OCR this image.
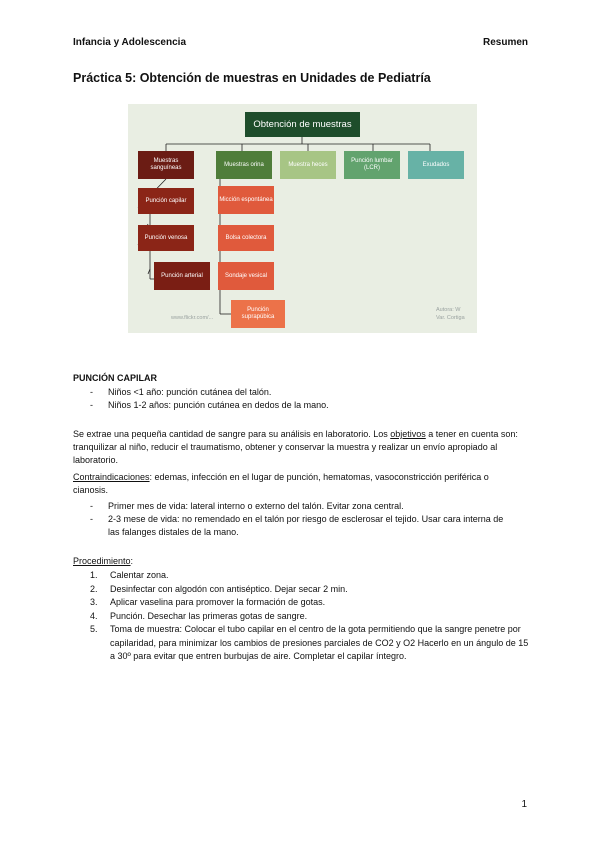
Infancia y Adolescencia	Resumen
Práctica 5: Obtención de muestras en Unidades de Pediatría
Obtención de muestras
Muestras sanguíneas
Muestras orina	Muestra heces
Punción lumbar (LCR)
Exudados
Punción capilar
Punción venosa
Punción arterial
Micción espontánea
Bolsa colectora
Sondaje vesical
Punción suprapúbica
www.flickr.com/...
Autora: W
Var. Cortiga
PUNCIÓN CAPILAR
- Niños <1 año: punción cutánea del talón.
- Niños 1-2 años: punción cutánea en dedos de la mano.

Se extrae una pequeña cantidad de sangre para su análisis en laboratorio. Los objetivos a tener en cuenta son: tranquilizar al niño, reducir el traumatismo, obtener y conservar la muestra y realizar un envío apropiado al laboratorio.

Contraindicaciones: edemas, infección en el lugar de punción, hematomas, vasoconstricción periférica o cianosis.

- Primer mes de vida: lateral interno o externo del talón. Evitar zona central.
- 2-3 mese de vida: no remendado en el talón por riesgo de esclerosar el tejido. Usar cara interna de las falanges distales de la mano.

Procedimiento:

1. Calentar zona.
2. Desinfectar con algodón con antiséptico. Dejar secar 2 min.
3. Aplicar vaselina para promover la formación de gotas.
4. Punción. Desechar las primeras gotas de sangre.
5. Toma de muestra: Colocar el tubo capilar en el centro de la gota permitiendo que la sangre penetre por capilaridad, para minimizar los cambios de presiones parciales de CO2 y O2 Hacerlo en un ángulo de 15 a 30º para evitar que entren burbujas de aire. Completar el capilar íntegro.
1
